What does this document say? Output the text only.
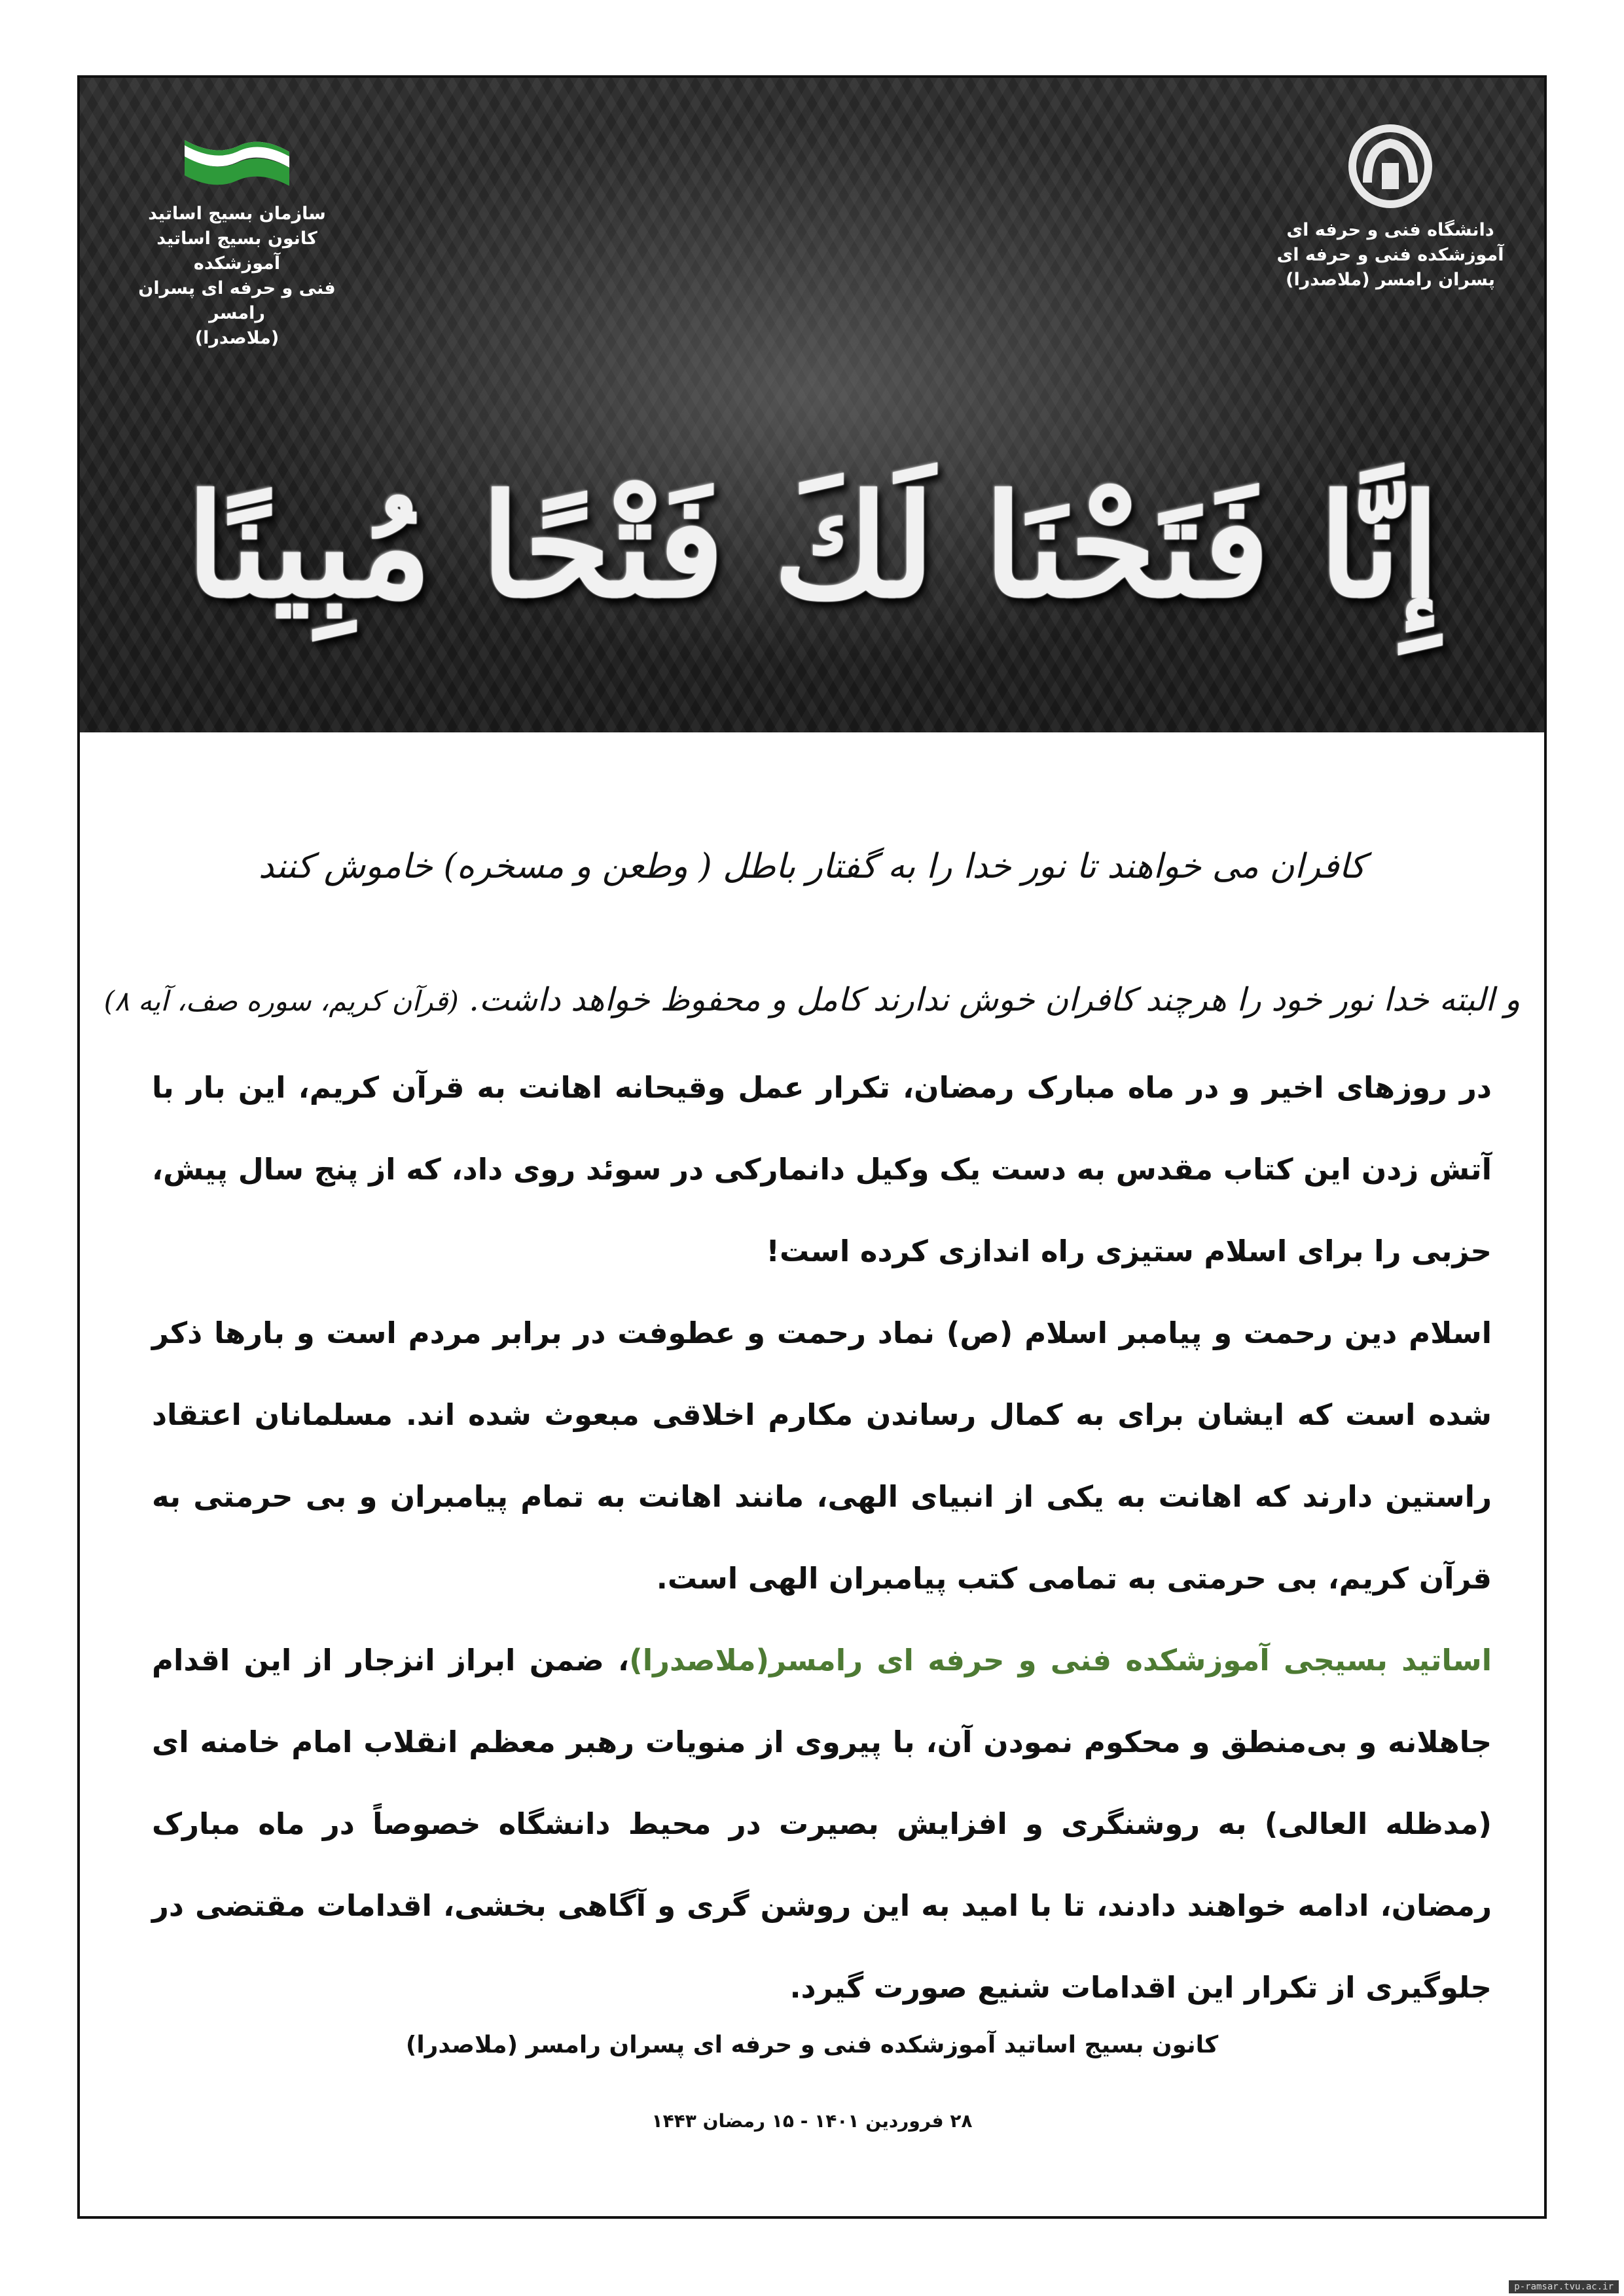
سازمان بسیج اساتید

کانون بسیج اساتید آموزشکده

فنی و حرفه ای پسران رامسر

(ملاصدرا)

دانشگاه فنی و حرفه ای

آموزشکده فنی و حرفه ای

پسران رامسر (ملاصدرا)

إِنَّا فَتَحْنَا لَكَ فَتْحًا مُبِينًا
کافران می خواهند تا نور خدا را به گفتار باطل ( وطعن و مسخره) خاموش کنند
و البته خدا نور خود را هرچند کافران خوش ندارند کامل و محفوظ خواهد داشت. (قرآن کریم، سوره صف، آیه ۸)

در روزهای اخیر و در ماه مبارک رمضان، تکرار عمل وقیحانه اهانت به قرآن کریم، این بار با آتش زدن این کتاب مقدس به دست یک وکیل دانمارکی در سوئد روی داد، که از پنج سال پیش، حزبی را برای اسلام ستیزی راه اندازی کرده است!

اسلام دین رحمت و پیامبر اسلام (ص) نماد رحمت و عطوفت در برابر مردم است و بارها ذکر شده است که ایشان برای به کمال رساندن مکارم اخلاقی مبعوث شده اند. مسلمانان اعتقاد راستین دارند که اهانت به یکی از انبیای الهی، مانند اهانت به تمام پیامبران و بی حرمتی به قرآن کریم، بی حرمتی به تمامی کتب پیامبران الهی است.

اساتید بسیجی آموزشکده فنی و حرفه ای رامسر(ملاصدرا)، ضمن ابراز انزجار از این اقدام جاهلانه و بی‌منطق و محکوم نمودن آن، با پیروی از منویات رهبر معظم انقلاب امام خامنه ای (مدظله العالی) به روشنگری و افزایش بصیرت در محیط دانشگاه خصوصاً در ماه مبارک رمضان، ادامه خواهند دادند، تا با امید به این روشن گری و آگاهی بخشی، اقدامات مقتضی در جلوگیری از تکرار این اقدامات شنیع صورت گیرد.

کانون بسیج اساتید آموزشکده فنی و حرفه ای پسران رامسر (ملاصدرا)
۲۸ فروردین ۱۴۰۱ - ۱۵ رمضان ۱۴۴۳
p-ramsar.tvu.ac.ir
